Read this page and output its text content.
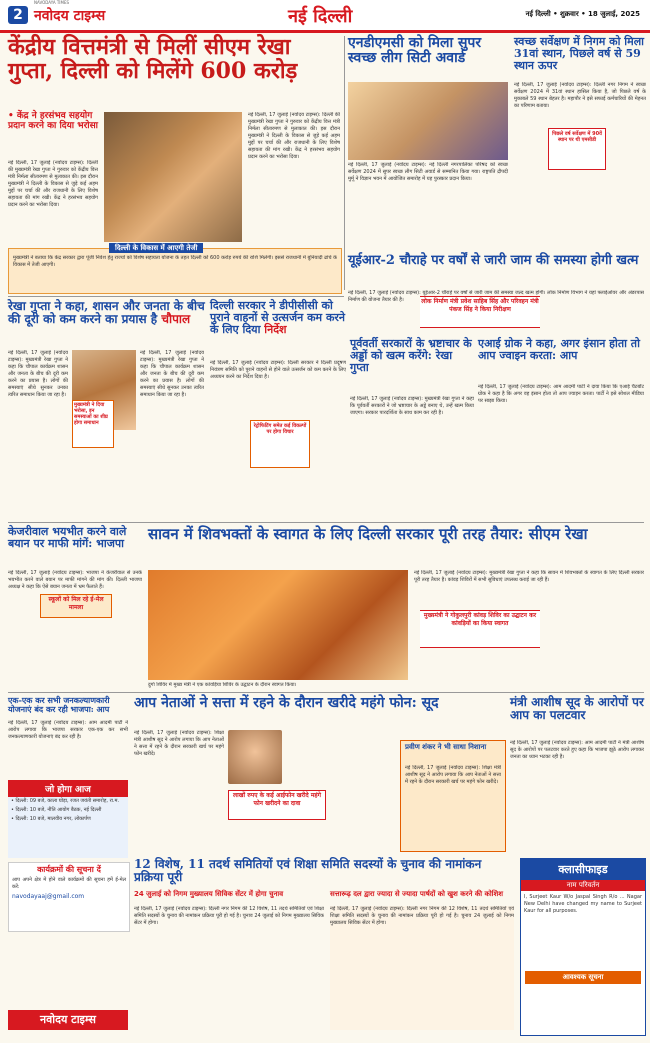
2 नवोदय टाइम्स
NAVODAYA TIMES
नई दिल्ली	नई दिल्ली • शुक्रवार • 18 जुलाई, 2025
केंद्रीय वित्तमंत्री से मिलीं सीएम रेखा गुप्ता, दिल्ली को मिलेंगे 600 करोड़
• केंद्र ने हरसंभव सहयोग प्रदान करने का दिया भरोसा
नई दिल्ली, 17 जुलाई (नवोदय टाइम्स): दिल्ली की मुख्यमंत्री रेखा गुप्ता ने गुरुवार को केंद्रीय वित्त मंत्री निर्मला सीतारमण से मुलाकात की। इस दौरान मुख्यमंत्री ने दिल्ली के विकास से जुड़े कई अहम मुद्दों पर चर्चा की और राजधानी के लिए विशेष सहायता की मांग रखी। केंद्र ने हरसंभव सहयोग प्रदान करने का भरोसा दिया।
नई दिल्ली, 17 जुलाई (नवोदय टाइम्स): दिल्ली की मुख्यमंत्री रेखा गुप्ता ने गुरुवार को केंद्रीय वित्त मंत्री निर्मला सीतारमण से मुलाकात की। इस दौरान मुख्यमंत्री ने दिल्ली के विकास से जुड़े कई अहम मुद्दों पर चर्चा की और राजधानी के लिए विशेष सहायता की मांग रखी। केंद्र ने हरसंभव सहयोग प्रदान करने का भरोसा दिया।
दिल्ली के विकास में आएगी तेजी
मुख्यमंत्री ने बताया कि केंद्र सरकार द्वारा पूंजी निवेश हेतु राज्यों को विशेष सहायता योजना के तहत दिल्ली को 600 करोड़ रुपये की राशि मिलेगी। इससे राजधानी में बुनियादी ढांचे के विकास में तेजी आएगी।
एनडीएमसी को मिला सुपर स्वच्छ लीग सिटी अवार्ड
नई दिल्ली, 17 जुलाई (नवोदय टाइम्स): नई दिल्ली नगरपालिका परिषद को स्वच्छ सर्वेक्षण 2024 में सुपर स्वच्छ लीग सिटी अवार्ड से सम्मानित किया गया। राष्ट्रपति द्रौपदी मुर्मू ने विज्ञान भवन में आयोजित समारोह में यह पुरस्कार प्रदान किया।
स्वच्छ सर्वेक्षण में निगम को मिला 31वां स्थान, पिछले वर्ष से 59 स्थान ऊपर
नई दिल्ली, 17 जुलाई (नवोदय टाइम्स): दिल्ली नगर निगम ने स्वच्छ सर्वेक्षण 2024 में 31वां स्थान हासिल किया है, जो पिछले वर्ष के मुकाबले 59 स्थान बेहतर है। महापौर ने इसे सफाई कर्मचारियों की मेहनत का परिणाम बताया।
पिछले वर्ष सर्वेक्षण में 90वें स्थान पर थी एमसीडी
यूईआर-2 चौराहे पर वर्षों से जारी जाम की समस्या होगी खत्म
नई दिल्ली, 17 जुलाई (नवोदय टाइम्स): यूईआर-2 चौराहे पर वर्षों से जारी जाम की समस्या जल्द खत्म होगी। लोक निर्माण विभाग ने यहां फ्लाईओवर और अंडरपास निर्माण की योजना तैयार की है।	लोक निर्माण मंत्री प्रवेश साहिब सिंह और परिवहन मंत्री पंकज सिंह ने किया निरीक्षण
रेखा गुप्ता ने कहा, शासन और जनता के बीच की दूरी को कम करने का प्रयास है चौपाल
नई दिल्ली, 17 जुलाई (नवोदय टाइम्स): मुख्यमंत्री रेखा गुप्ता ने कहा कि चौपाल कार्यक्रम शासन और जनता के बीच की दूरी कम करने का प्रयास है। लोगों की समस्याएं सीधे सुनकर उनका त्वरित समाधान किया जा रहा है।
मुख्यमंत्री ने दिया भरोसा, इन समस्याओं का शीघ्र होगा समाधान
नई दिल्ली, 17 जुलाई (नवोदय टाइम्स): मुख्यमंत्री रेखा गुप्ता ने कहा कि चौपाल कार्यक्रम शासन और जनता के बीच की दूरी कम करने का प्रयास है। लोगों की समस्याएं सीधे सुनकर उनका त्वरित समाधान किया जा रहा है।
दिल्ली सरकार ने डीपीसीसी को पुराने वाहनों से उत्सर्जन कम करने के लिए दिया निर्देश
नई दिल्ली, 17 जुलाई (नवोदय टाइम्स): दिल्ली सरकार ने दिल्ली प्रदूषण नियंत्रण समिति को पुराने वाहनों से होने वाले उत्सर्जन को कम करने के लिए अध्ययन करने का निर्देश दिया है।
रेट्रोफिटिंग समेत कई विकल्पों पर होगा विचार
पूर्ववर्ती सरकारों के भ्रष्टाचार के अड्डों को खत्म करेंगे: रेखा गुप्ता
नई दिल्ली, 17 जुलाई (नवोदय टाइम्स): मुख्यमंत्री रेखा गुप्ता ने कहा कि पूर्ववर्ती सरकारों ने जो भ्रष्टाचार के अड्डे बनाए थे, उन्हें खत्म किया जाएगा। सरकार पारदर्शिता के साथ काम कर रही है।
एआई ग्रोक ने कहा, अगर इंसान होता तो आप ज्वाइन करता: आप
नई दिल्ली, 17 जुलाई (नवोदय टाइम्स): आम आदमी पार्टी ने दावा किया कि एआई चैटबॉट ग्रोक ने कहा है कि अगर वह इंसान होता तो आप ज्वाइन करता। पार्टी ने इसे सोशल मीडिया पर साझा किया।
केजरीवाल भयभीत करने वाले बयान पर माफी मांगें: भाजपा
नई दिल्ली, 17 जुलाई (नवोदय टाइम्स): भाजपा ने केजरीवाल से उनके भयभीत करने वाले बयान पर माफी मांगने की मांग की। दिल्ली भाजपा अध्यक्ष ने कहा कि ऐसे बयान जनता में भ्रम फैलाते हैं।
स्कूलों को मिल रहे ई-मेल मामला
सावन में शिवभक्तों के स्वागत के लिए दिल्ली सरकार पूरी तरह तैयार: सीएम रेखा
दुर्गा शिविर में मुख्य मंत्री ने एक कांवड़िया शिविर के उद्घाटन के दौरान स्वागत किया।
नई दिल्ली, 17 जुलाई (नवोदय टाइम्स): मुख्यमंत्री रेखा गुप्ता ने कहा कि सावन में शिवभक्तों के स्वागत के लिए दिल्ली सरकार पूरी तरह तैयार है। कांवड़ शिविरों में सभी सुविधाएं उपलब्ध कराई जा रही हैं।
मुख्यमंत्री ने गोकुलपुरी कांवड़ शिविर का उद्घाटन कर कांवड़ियों का किया स्वागत
एक-एक कर सभी जनकल्याणकारी योजनाएं बंद कर रही भाजपा: आप
नई दिल्ली, 17 जुलाई (नवोदय टाइम्स): आम आदमी पार्टी ने आरोप लगाया कि भाजपा सरकार एक-एक कर सभी जनकल्याणकारी योजनाएं बंद कर रही है।
आप नेताओं ने सत्ता में रहने के दौरान खरीदे महंगे फोन: सूद
नई दिल्ली, 17 जुलाई (नवोदय टाइम्स): शिक्षा मंत्री आशीष सूद ने आरोप लगाया कि आप नेताओं ने सत्ता में रहने के दौरान सरकारी खर्च पर महंगे फोन खरीदे।
लाखों रुपए के कई आईफोन खरीदे महंगे फोन खरीदने का दावा
प्रवीण शंकर ने भी साधा निशाना
नई दिल्ली, 17 जुलाई (नवोदय टाइम्स): शिक्षा मंत्री आशीष सूद ने आरोप लगाया कि आप नेताओं ने सत्ता में रहने के दौरान सरकारी खर्च पर महंगे फोन खरीदे।
मंत्री आशीष सूद के आरोपों पर आप का पलटवार
नई दिल्ली, 17 जुलाई (नवोदय टाइम्स): आम आदमी पार्टी ने मंत्री आशीष सूद के आरोपों पर पलटवार करते हुए कहा कि भाजपा झूठे आरोप लगाकर जनता का ध्यान भटका रही है।
जो होगा आज
• दिल्ली: 09 बजे, काला घोड़ा, रजत जयंती समारोह, रा.म.
• दिल्ली: 10 बजे, नीति आयोग बैठक, नई दिल्ली
• दिल्ली: 10 बजे, मालवीय नगर, लोकार्पण
कार्यक्रमों की सूचना दें
आप अपने क्षेत्र में होने वाले कार्यक्रमों की सूचना हमें ई-मेल करें:
navodayaaj@gmail.com
नवोदय टाइम्स
12 विशेष, 11 तदर्थ समितियों एवं शिक्षा समिति सदस्यों के चुनाव की नामांकन प्रक्रिया पूरी
24 जुलाई को निगम मुख्यालय सिविक सेंटर में होगा चुनाव	सत्तारूढ़ दल द्वारा ज्यादा से ज्यादा पार्षदों को खुश करने की कोशिश
नई दिल्ली, 17 जुलाई (नवोदय टाइम्स): दिल्ली नगर निगम की 12 विशेष, 11 तदर्थ समितियों एवं शिक्षा समिति सदस्यों के चुनाव की नामांकन प्रक्रिया पूरी हो गई है। चुनाव 24 जुलाई को निगम मुख्यालय सिविक सेंटर में होगा।
नई दिल्ली, 17 जुलाई (नवोदय टाइम्स): दिल्ली नगर निगम की 12 विशेष, 11 तदर्थ समितियों एवं शिक्षा समिति सदस्यों के चुनाव की नामांकन प्रक्रिया पूरी हो गई है। चुनाव 24 जुलाई को निगम मुख्यालय सिविक सेंटर में होगा।
क्लासीफाइड
नाम परिवर्तन
I, Surjeet Kaur W/o Jaspal Singh R/o ... Nagar New Delhi have changed my name to Surjeet Kaur for all purposes.
आवश्यक सूचना
